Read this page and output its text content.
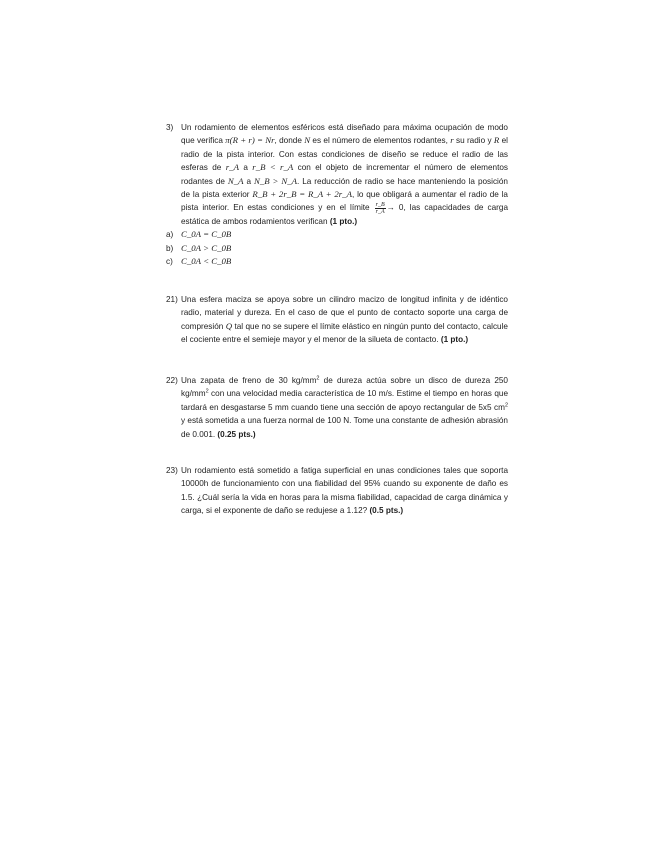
3) Un rodamiento de elementos esféricos está diseñado para máxima ocupación de modo que verifica π(R + r) = Nr, donde N es el número de elementos rodantes, r su radio y R el radio de la pista interior. Con estas condiciones de diseño se reduce el radio de las esferas de r_A a r_B < r_A con el objeto de incrementar el número de elementos rodantes de N_A a N_B > N_A. La reducción de radio se hace manteniendo la posición de la pista exterior R_B + 2r_B = R_A + 2r_A, lo que obligará a aumentar el radio de la pista interior. En estas condiciones y en el límite $\frac{r\_B}{r\_A} \to 0$, las capacidades de carga estática de ambos rodamientos verifican (1 pto.)
a) C_0A = C_0B
b) C_0A > C_0B
c) C_0A < C_0B
21) Una esfera maciza se apoya sobre un cilindro macizo de longitud infinita y de idéntico radio, material y dureza. En el caso de que el punto de contacto soporte una carga de compresión Q tal que no se supere el límite elástico en ningún punto del contacto, calcule el cociente entre el semieje mayor y el menor de la silueta de contacto. (1 pto.)
22) Una zapata de freno de 30 $kg/mm^2$ de dureza actúa sobre un disco de dureza 250 $kg/mm^2$ con una velocidad media característica de 10 m/s. Estime el tiempo en horas que tardará en desgastarse 5 mm cuando tiene una sección de apoyo rectangular de 5x5 $cm^2$ y está sometida a una fuerza normal de 100 N. Tome una constante de adhesión abrasión de 0.001. (0.25 pts.)
23) Un rodamiento está sometido a fatiga superficial en unas condiciones tales que soporta 10000h de funcionamiento con una fiabilidad del 95% cuando su exponente de daño es 1.5. ¿Cuál sería la vida en horas para la misma fiabilidad, capacidad de carga dinámica y carga, si el exponente de daño se redujese a 1.12? (0.5 pts.)
